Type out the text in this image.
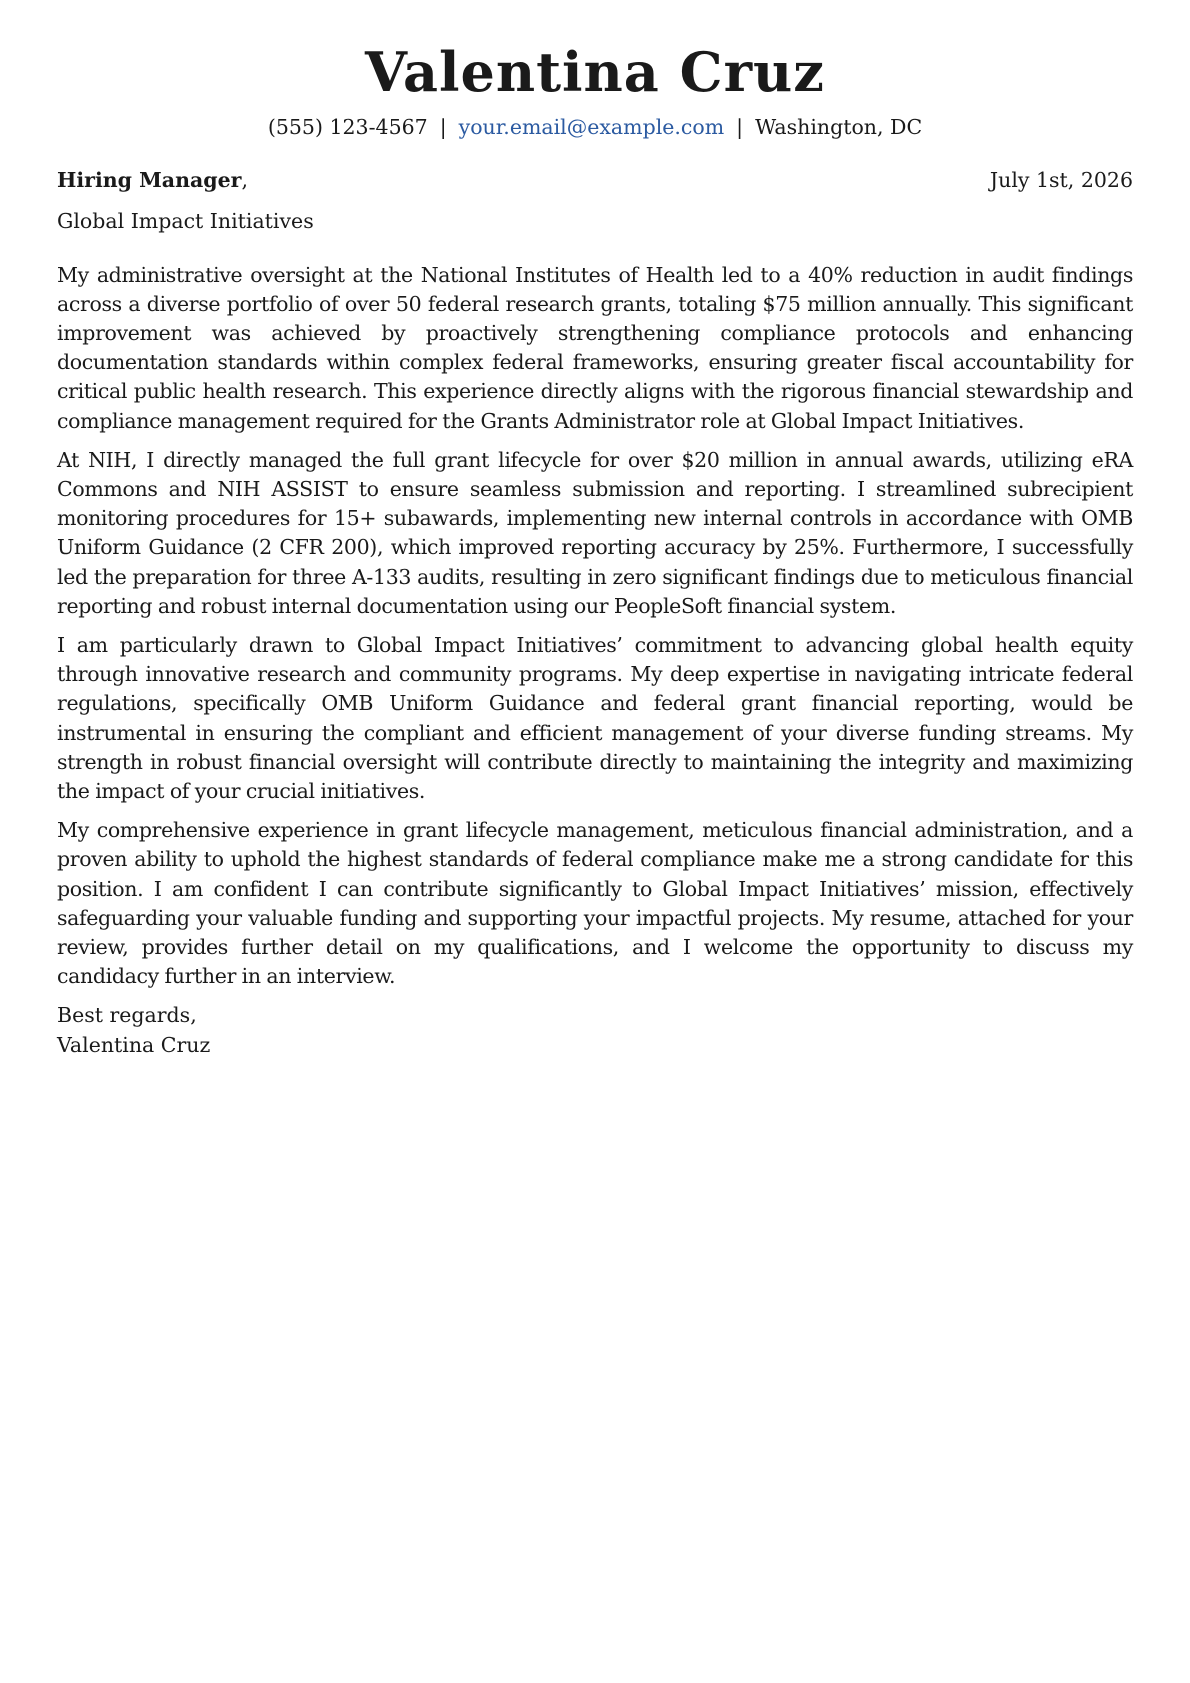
Valentina Cruz
(555) 123-4567 | your.email@example.com | Washington, DC
Hiring Manager,	July 1st, 2026
Global Impact Initiatives

My administrative oversight at the National Institutes of Health led to a 40% reduction in audit findings across a diverse portfolio of over 50 federal research grants, totaling $75 million annually. This significant improvement was achieved by proactively strengthening compliance protocols and enhancing documentation standards within complex federal frameworks, ensuring greater fiscal accountability for critical public health research. This experience directly aligns with the rigorous financial stewardship and compliance management required for the Grants Administrator role at Global Impact Initiatives.

At NIH, I directly managed the full grant lifecycle for over $20 million in annual awards, utilizing eRA Commons and NIH ASSIST to ensure seamless submission and reporting. I streamlined subrecipient monitoring procedures for 15+ subawards, implementing new internal controls in accordance with OMB Uniform Guidance (2 CFR 200), which improved reporting accuracy by 25%. Furthermore, I successfully led the preparation for three A-133 audits, resulting in zero significant findings due to meticulous financial reporting and robust internal documentation using our PeopleSoft financial system.

I am particularly drawn to Global Impact Initiatives’ commitment to advancing global health equity through innovative research and community programs. My deep expertise in navigating intricate federal regulations, specifically OMB Uniform Guidance and federal grant financial reporting, would be instrumental in ensuring the compliant and efficient management of your diverse funding streams. My strength in robust financial oversight will contribute directly to maintaining the integrity and maximizing the impact of your crucial initiatives.

My comprehensive experience in grant lifecycle management, meticulous financial administration, and a proven ability to uphold the highest standards of federal compliance make me a strong candidate for this position. I am confident I can contribute significantly to Global Impact Initiatives’ mission, effectively safeguarding your valuable funding and supporting your impactful projects. My resume, attached for your review, provides further detail on my qualifications, and I welcome the opportunity to discuss my candidacy further in an interview.

Best regards,
Valentina Cruz
